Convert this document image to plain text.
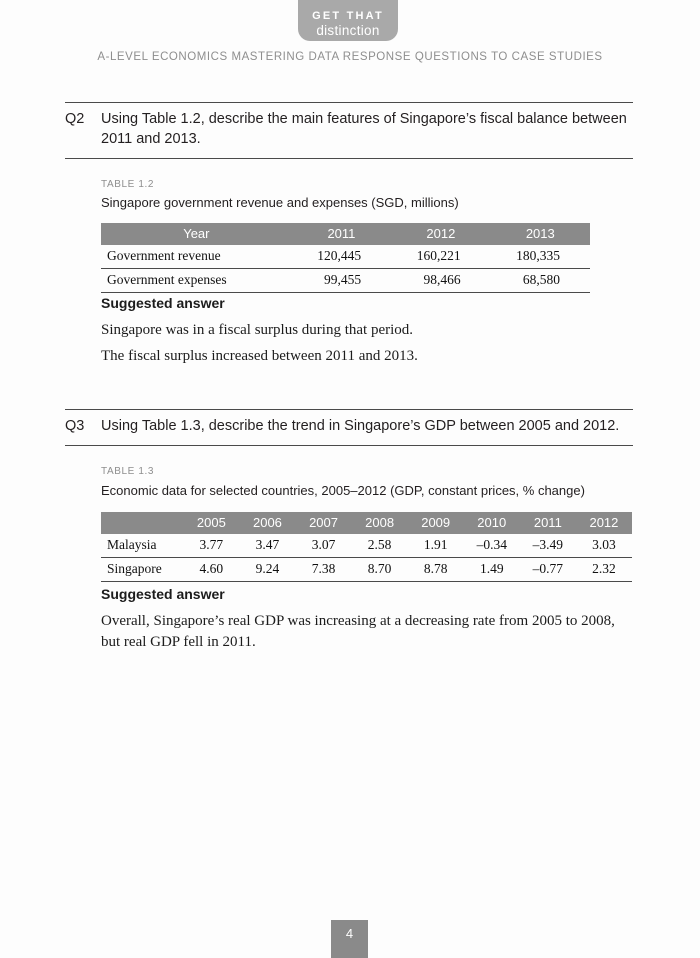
GET THAT
distinction
A-LEVEL ECONOMICS MASTERING DATA RESPONSE QUESTIONS TO CASE STUDIES
Q2	Using Table 1.2, describe the main features of Singapore’s fiscal balance between 2011 and 2013.
TABLE 1.2
Singapore government revenue and expenses (SGD, millions)
Year	2011	2012	2013
Government revenue	120,445	160,221	180,335
Government expenses	99,455	98,466	68,580
Suggested answer
Singapore was in a fiscal surplus during that period.
The fiscal surplus increased between 2011 and 2013.
Q3	Using Table 1.3, describe the trend in Singapore’s GDP between 2005 and 2012.
TABLE 1.3
Economic data for selected countries, 2005–2012 (GDP, constant prices, % change)
	2005	2006	2007	2008	2009	2010	2011	2012
Malaysia	3.77	3.47	3.07	2.58	1.91	–0.34	–3.49	3.03
Singapore	4.60	9.24	7.38	8.70	8.78	1.49	–0.77	2.32
Suggested answer
Overall, Singapore’s real GDP was increasing at a decreasing rate from 2005 to 2008, but real GDP fell in 2011.
4
